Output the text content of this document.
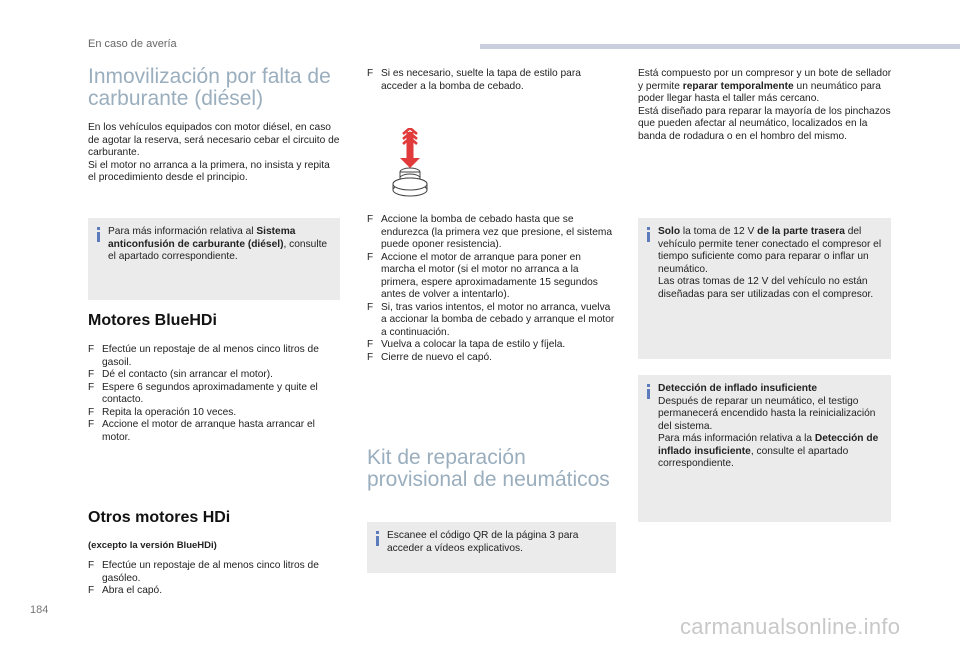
En caso de avería
Inmovilización por falta de
carburante (diésel)

En los vehículos equipados con motor diésel, en caso de agotar la reserva, será necesario cebar el circuito de carburante.

Si el motor no arranca a la primera, no insista y repita el procedimiento desde el principio.

Para más información relativa al Sistema anticonfusión de carburante (diésel), consulte el apartado correspondiente.
Motores BlueHDi
F Efectúe un repostaje de al menos cinco litros de gasoil.
F Dé el contacto (sin arrancar el motor).
F Espere 6 segundos aproximadamente y quite el contacto.
F Repita la operación 10 veces.
F Accione el motor de arranque hasta arrancar el motor.
Otros motores HDi

(excepto la versión BlueHDi)

F Efectúe un repostaje de al menos cinco litros de gasóleo.
F Abra el capó.
F Si es necesario, suelte la tapa de estilo para acceder a la bomba de cebado.
F Accione la bomba de cebado hasta que se endurezca (la primera vez que presione, el sistema puede oponer resistencia).
F Accione el motor de arranque para poner en marcha el motor (si el motor no arranca a la primera, espere aproximadamente 15 segundos antes de volver a intentarlo).
F Si, tras varios intentos, el motor no arranca, vuelva a accionar la bomba de cebado y arranque el motor a continuación.
F Vuelva a colocar la tapa de estilo y fíjela.
F Cierre de nuevo el capó.
Kit de reparación
provisional de neumáticos
Escanee el código QR de la página 3 para acceder a vídeos explicativos.

Está compuesto por un compresor y un bote de sellador y permite reparar temporalmente un neumático para poder llegar hasta el taller más cercano.

Está diseñado para reparar la mayoría de los pinchazos que pueden afectar al neumático, localizados en la banda de rodadura o en el hombro del mismo.

Solo la toma de 12 V de la parte trasera del vehículo permite tener conectado el compresor el tiempo suficiente como para reparar o inflar un neumático.
Las otras tomas de 12 V del vehículo no están diseñadas para ser utilizadas con el compresor.
Detección de inflado insuficiente
Después de reparar un neumático, el testigo permanecerá encendido hasta la reinicialización del sistema.
Para más información relativa a la Detección de inflado insuficiente, consulte el apartado correspondiente.
184
carmanualsonline.info
